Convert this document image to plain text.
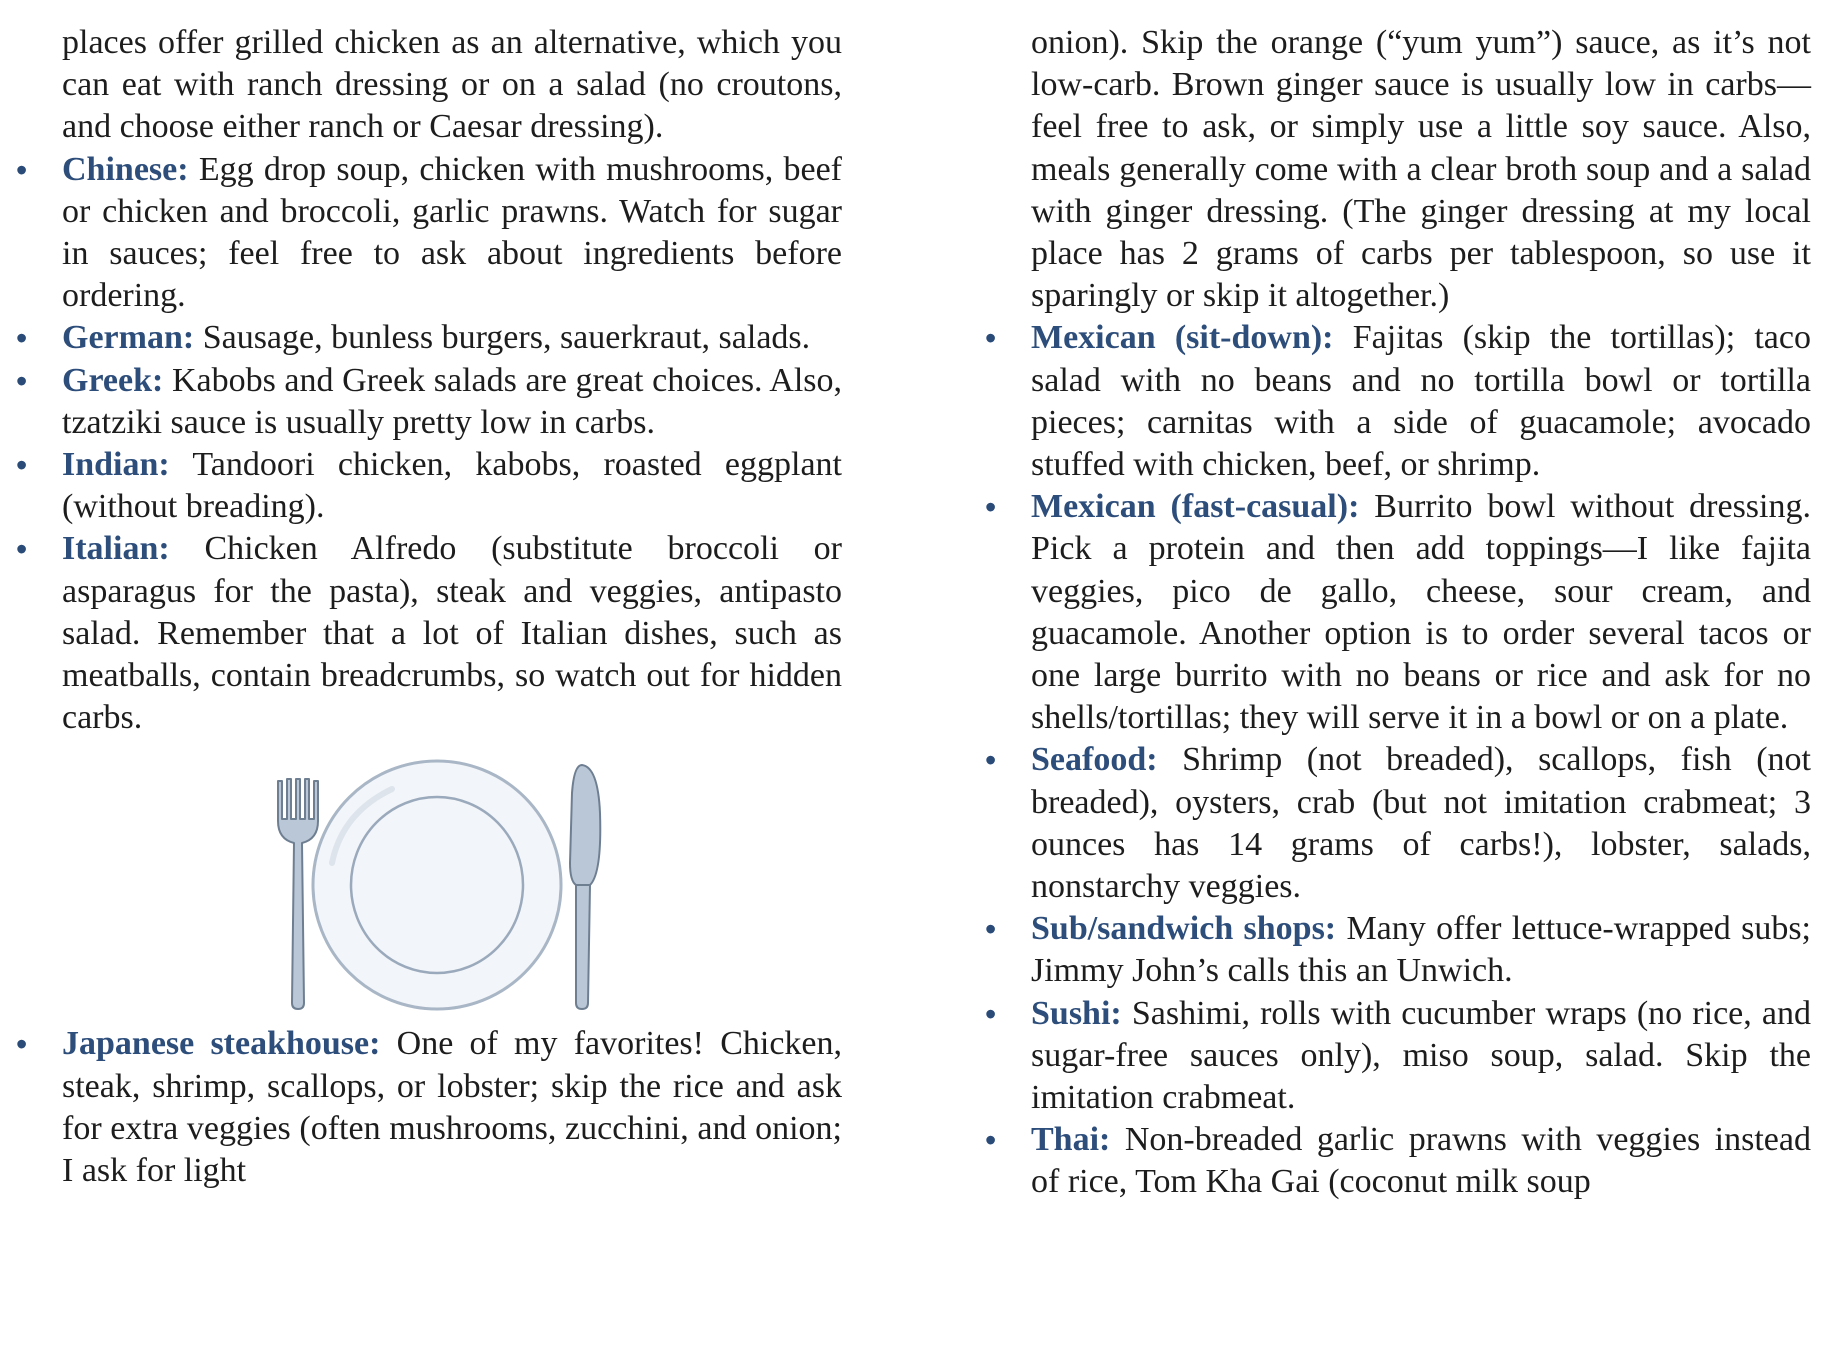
places offer grilled chicken as an alternative, which you can eat with ranch dressing or on a salad (no croutons, and choose either ranch or Caesar dressing).

• Chinese: Egg drop soup, chicken with mushrooms, beef or chicken and broccoli, garlic prawns. Watch for sugar in sauces; feel free to ask about ingredients before ordering.
• German: Sausage, bunless burgers, sauerkraut, salads.
• Greek: Kabobs and Greek salads are great choices. Also, tzatziki sauce is usually pretty low in carbs.
• Indian: Tandoori chicken, kabobs, roasted eggplant (without breading).
• Italian: Chicken Alfredo (substitute broccoli or asparagus for the pasta), steak and veggies, antipasto salad. Remember that a lot of Italian dishes, such as meatballs, contain breadcrumbs, so watch out for hidden carbs.
• Japanese steakhouse: One of my favorites! Chicken, steak, shrimp, scallops, or lobster; skip the rice and ask for extra veggies (often mushrooms, zucchini, and onion; I ask for light

onion). Skip the orange (“yum yum”) sauce, as it’s not low-carb. Brown ginger sauce is usually low in carbs—feel free to ask, or simply use a little soy sauce. Also, meals generally come with a clear broth soup and a salad with ginger dressing. (The ginger dressing at my local place has 2 grams of carbs per tablespoon, so use it sparingly or skip it altogether.)

• Mexican (sit-down): Fajitas (skip the tortillas); taco salad with no beans and no tortilla bowl or tortilla pieces; carnitas with a side of guacamole; avocado stuffed with chicken, beef, or shrimp.
• Mexican (fast-casual): Burrito bowl without dressing. Pick a protein and then add toppings—I like fajita veggies, pico de gallo, cheese, sour cream, and guacamole. Another option is to order several tacos or one large burrito with no beans or rice and ask for no shells/tortillas; they will serve it in a bowl or on a plate.
• Seafood: Shrimp (not breaded), scallops, fish (not breaded), oysters, crab (but not imitation crabmeat; 3 ounces has 14 grams of carbs!), lobster, salads, nonstarchy veggies.
• Sub/sandwich shops: Many offer lettuce-wrapped subs; Jimmy John’s calls this an Unwich.
• Sushi: Sashimi, rolls with cucumber wraps (no rice, and sugar-free sauces only), miso soup, salad. Skip the imitation crabmeat.
• Thai: Non-breaded garlic prawns with veggies instead of rice, Tom Kha Gai (coconut milk soup
